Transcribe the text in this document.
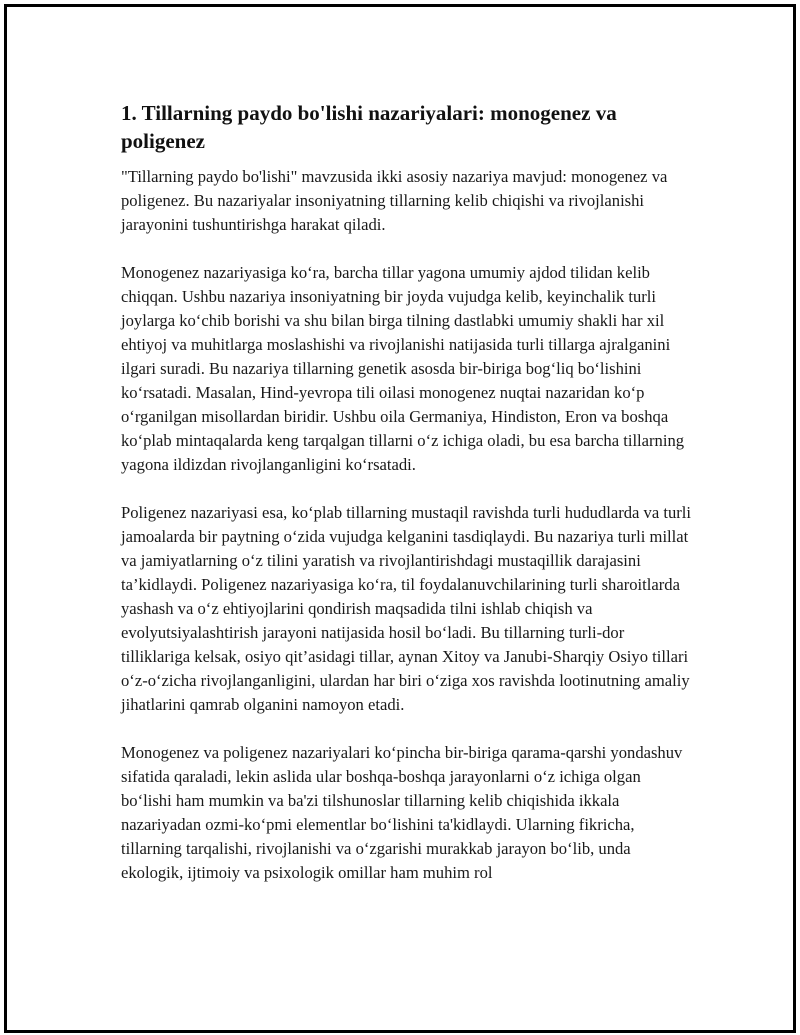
1. Tillarning paydo bo'lishi nazariyalari: monogenez va poligenez

"Tillarning paydo bo'lishi" mavzusida ikki asosiy nazariya mavjud: monogenez va poligenez. Bu nazariyalar insoniyatning tillarning kelib chiqishi va rivojlanishi jarayonini tushuntirishga harakat qiladi.

Monogenez nazariyasiga ko‘ra, barcha tillar yagona umumiy ajdod tilidan kelib chiqqan. Ushbu nazariya insoniyatning bir joyda vujudga kelib, keyinchalik turli joylarga ko‘chib borishi va shu bilan birga tilning dastlabki umumiy shakli har xil ehtiyoj va muhitlarga moslashishi va rivojlanishi natijasida turli tillarga ajralganini ilgari suradi. Bu nazariya tillarning genetik asosda bir-biriga bog‘liq bo‘lishini ko‘rsatadi. Masalan, Hind-yevropa tili oilasi monogenez nuqtai nazaridan ko‘p o‘rganilgan misollardan biridir. Ushbu oila Germaniya, Hindiston, Eron va boshqa ko‘plab mintaqalarda keng tarqalgan tillarni o‘z ichiga oladi, bu esa barcha tillarning yagona ildizdan rivojlanganligini ko‘rsatadi.

Poligenez nazariyasi esa, ko‘plab tillarning mustaqil ravishda turli hududlarda va turli jamoalarda bir paytning o‘zida vujudga kelganini tasdiqlaydi. Bu nazariya turli millat va jamiyatlarning o‘z tilini yaratish va rivojlantirishdagi mustaqillik darajasini ta’kidlaydi. Poligenez nazariyasiga ko‘ra, til foydalanuvchilarining turli sharoitlarda yashash va o‘z ehtiyojlarini qondirish maqsadida tilni ishlab chiqish va evolyutsiyalashtirish jarayoni natijasida hosil bo‘ladi. Bu tillarning turli-dor tilliklariga kelsak, osiyo qit’asidagi tillar, aynan Xitoy va Janubi-Sharqiy Osiyo tillari o‘z-o‘zicha rivojlanganligini, ulardan har biri o‘ziga xos ravishda lootinutning amaliy jihatlarini qamrab olganini namoyon etadi.

Monogenez va poligenez nazariyalari ko‘pincha bir-biriga qarama-qarshi yondashuv sifatida qaraladi, lekin aslida ular boshqa-boshqa jarayonlarni o‘z ichiga olgan bo‘lishi ham mumkin va ba'zi tilshunoslar tillarning kelib chiqishida ikkala nazariyadan ozmi-ko‘pmi elementlar bo‘lishini ta'kidlaydi. Ularning fikricha, tillarning tarqalishi, rivojlanishi va o‘zgarishi murakkab jarayon bo‘lib, unda ekologik, ijtimoiy va psixologik omillar ham muhim rol
